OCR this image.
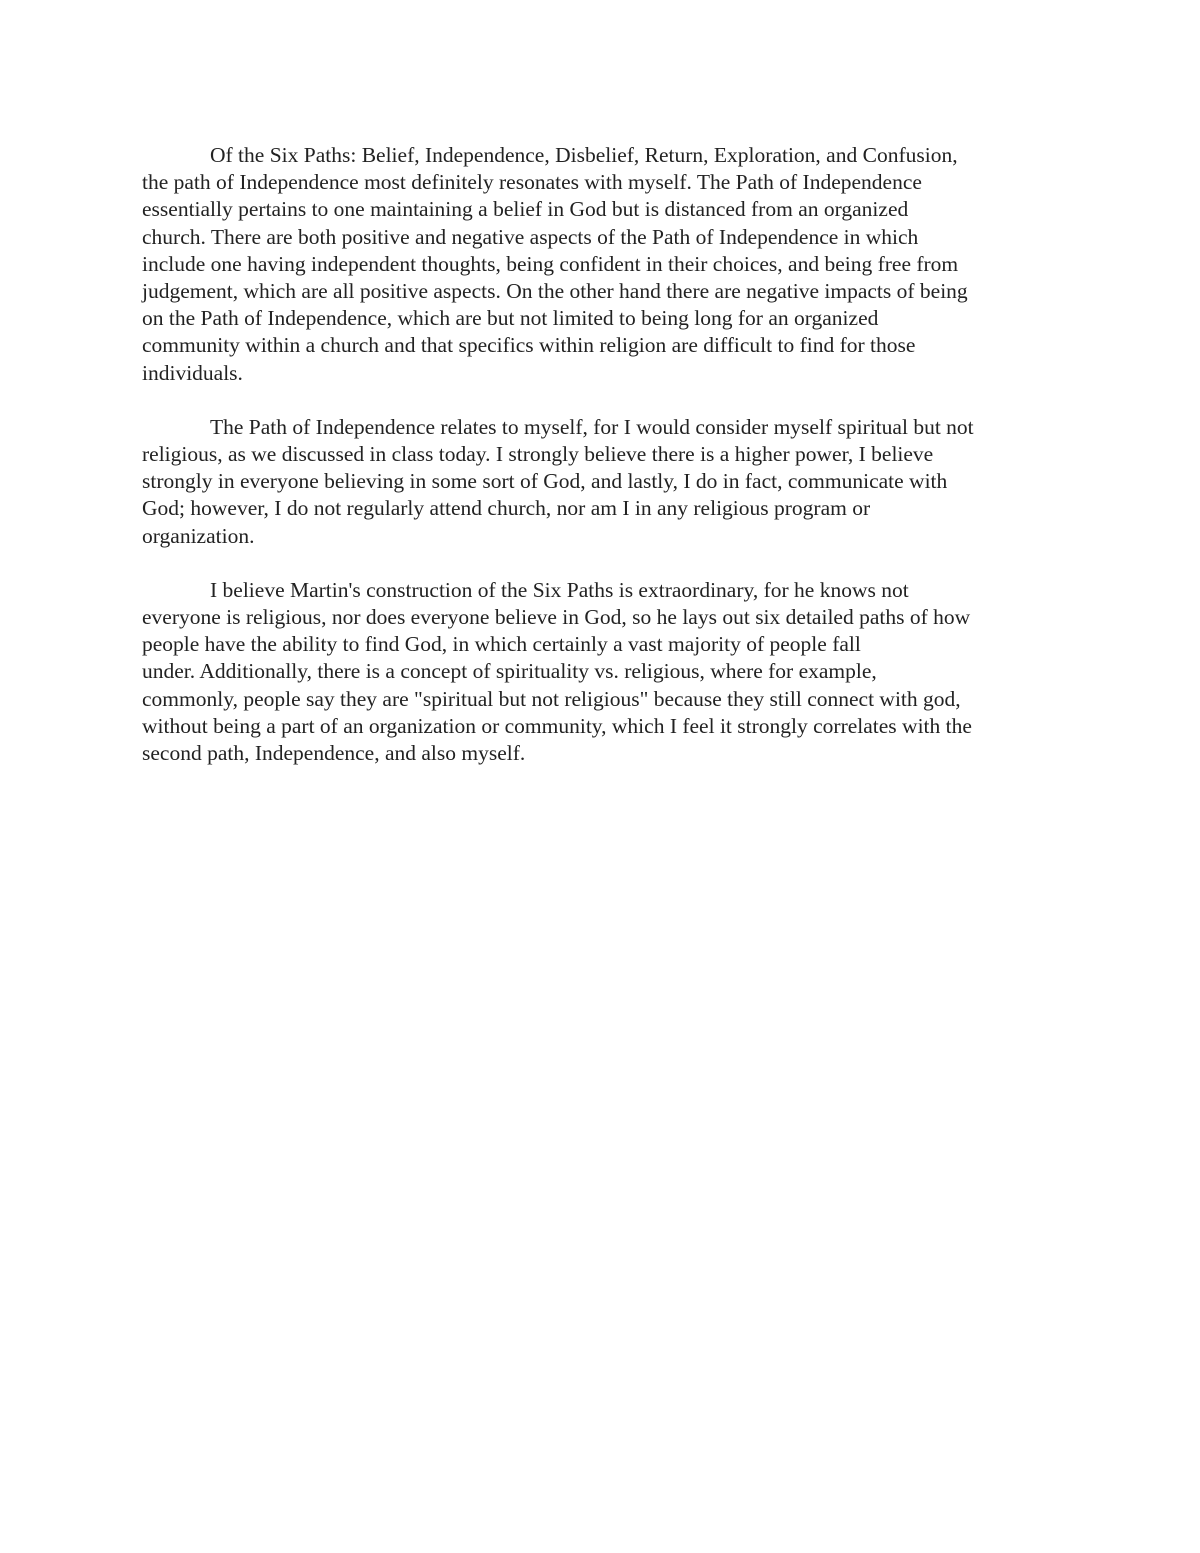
Of the Six Paths: Belief, Independence, Disbelief, Return, Exploration, and Confusion,
the path of Independence most definitely resonates with myself. The Path of Independence
essentially pertains to one maintaining a belief in God but is distanced from an organized
church. There are both positive and negative aspects of the Path of Independence in which
include one having independent thoughts, being confident in their choices, and being free from
judgement, which are all positive aspects. On the other hand there are negative impacts of being
on the Path of Independence, which are but not limited to being long for an organized
community within a church and that specifics within religion are difficult to find for those
individuals.

The Path of Independence relates to myself, for I would consider myself spiritual but not
religious, as we discussed in class today. I strongly believe there is a higher power, I believe
strongly in everyone believing in some sort of God, and lastly, I do in fact, communicate with
God; however, I do not regularly attend church, nor am I in any religious program or
organization.

I believe Martin's construction of the Six Paths is extraordinary, for he knows not
everyone is religious, nor does everyone believe in God, so he lays out six detailed paths of how
people have the ability to find God, in which certainly a vast majority of people fall
under. Additionally, there is a concept of spirituality vs. religious, where for example,
commonly, people say they are "spiritual but not religious" because they still connect with god,
without being a part of an organization or community, which I feel it strongly correlates with the
second path, Independence, and also myself.
